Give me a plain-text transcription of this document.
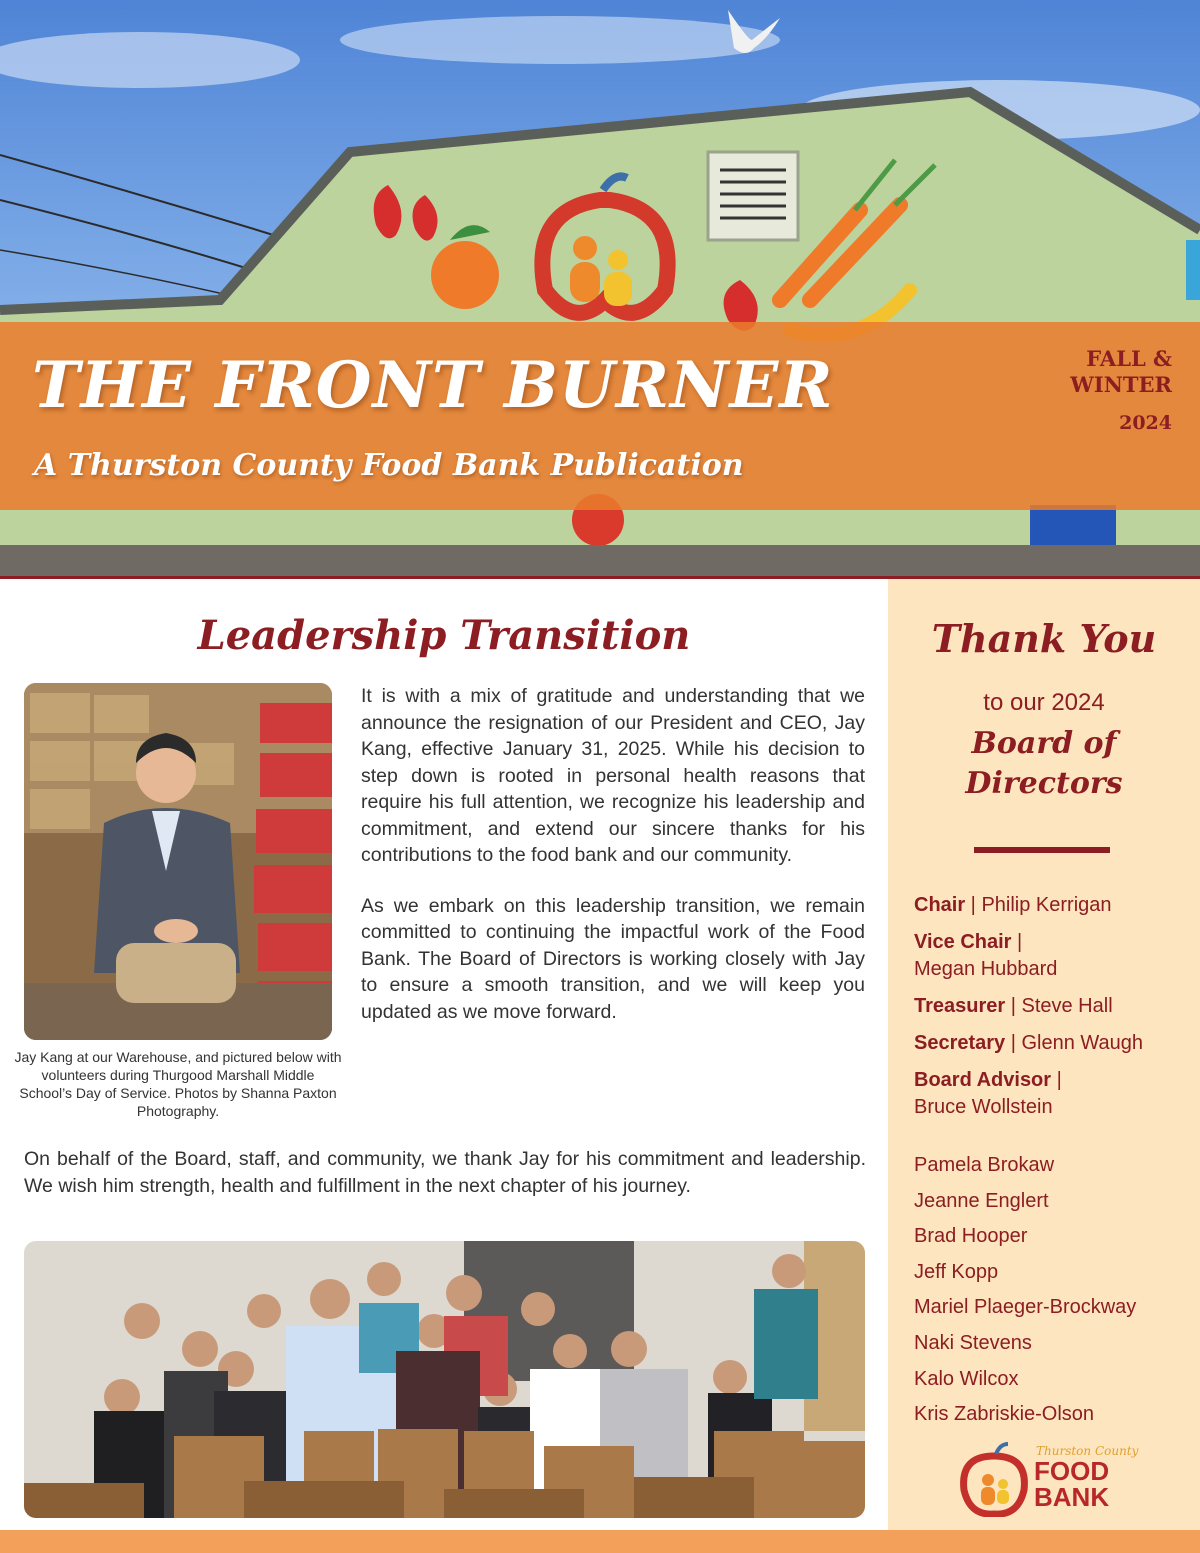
THE FRONT BURNER
A Thurston County Food Bank Publication
FALL & WINTER
2024
Leadership Transition
Jay Kang at our Warehouse, and pictured below with volunteers during Thurgood Marshall Middle School’s Day of Service. Photos by Shanna Paxton Photography.

It is with a mix of gratitude and understanding that we announce the resignation of our President and CEO, Jay Kang, effective January 31, 2025. While his decision to step down is rooted in personal health reasons that require his full attention, we recognize his leadership and commitment, and extend our sincere thanks for his contributions to the food bank and our community.

As we embark on this leadership transition, we remain committed to continuing the impactful work of the Food Bank. The Board of Directors is working closely with Jay to ensure a smooth transition, and we will keep you updated as we move forward.

On behalf of the Board, staff, and community, we thank Jay for his commitment and leadership. We wish him strength, health and fulfillment in the next chapter of his journey.

Thurston County
FOOD
BANK
Thank You
to our 2024
Board of
Directors
Chair | Philip Kerrigan
Vice Chair |
Megan Hubbard
Treasurer | Steve Hall
Secretary | Glenn Waugh
Board Advisor |
Bruce Wollstein
Pamela Brokaw
Jeanne Englert
Brad Hooper
Jeff Kopp
Mariel Plaeger-Brockway
Naki Stevens
Kalo Wilcox
Kris Zabriskie-Olson
